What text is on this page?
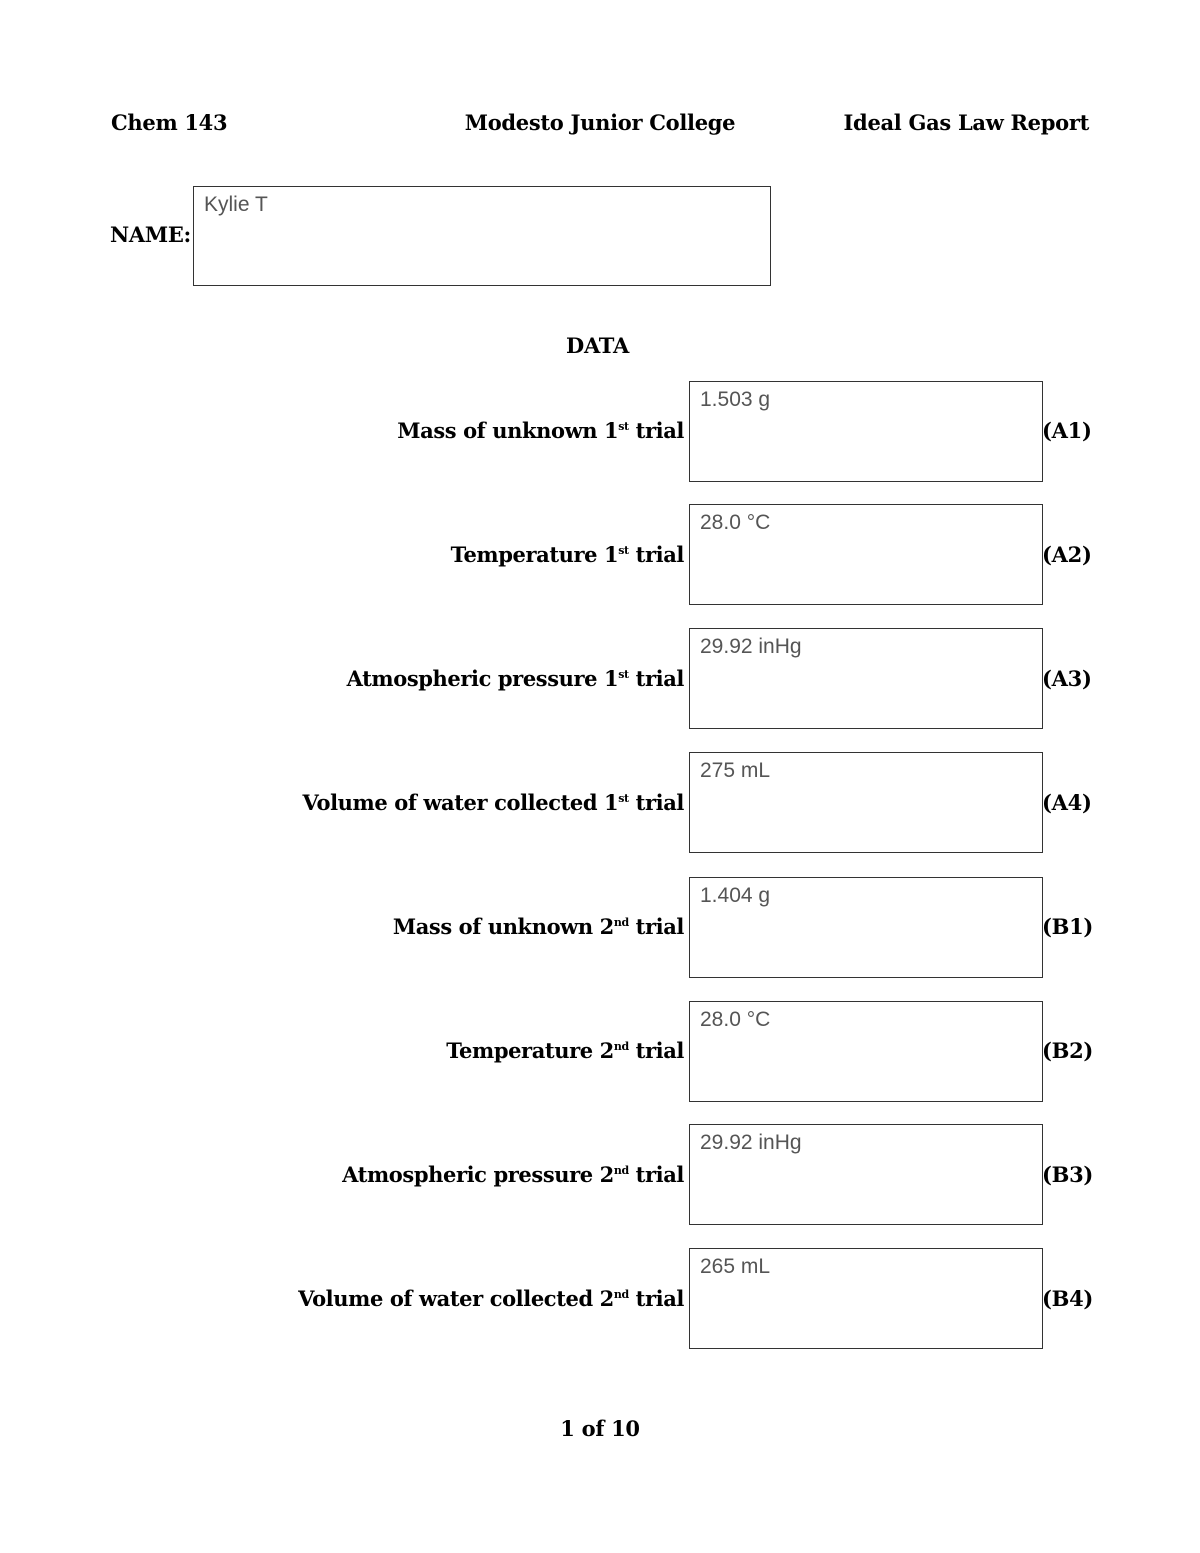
Chem 143	Modesto Junior College	Ideal Gas Law Report
NAME:
Kylie T
DATA
Mass of unknown 1st trial
1.503 g
(A1)
Temperature 1st trial
28.0 °C
(A2)
Atmospheric pressure 1st trial
29.92 inHg
(A3)
Volume of water collected 1st trial
275 mL
(A4)
Mass of unknown 2nd trial
1.404 g
(B1)
Temperature 2nd trial
28.0 °C
(B2)
Atmospheric pressure 2nd trial
29.92 inHg
(B3)
Volume of water collected 2nd trial
265 mL
(B4)
1 of 10
